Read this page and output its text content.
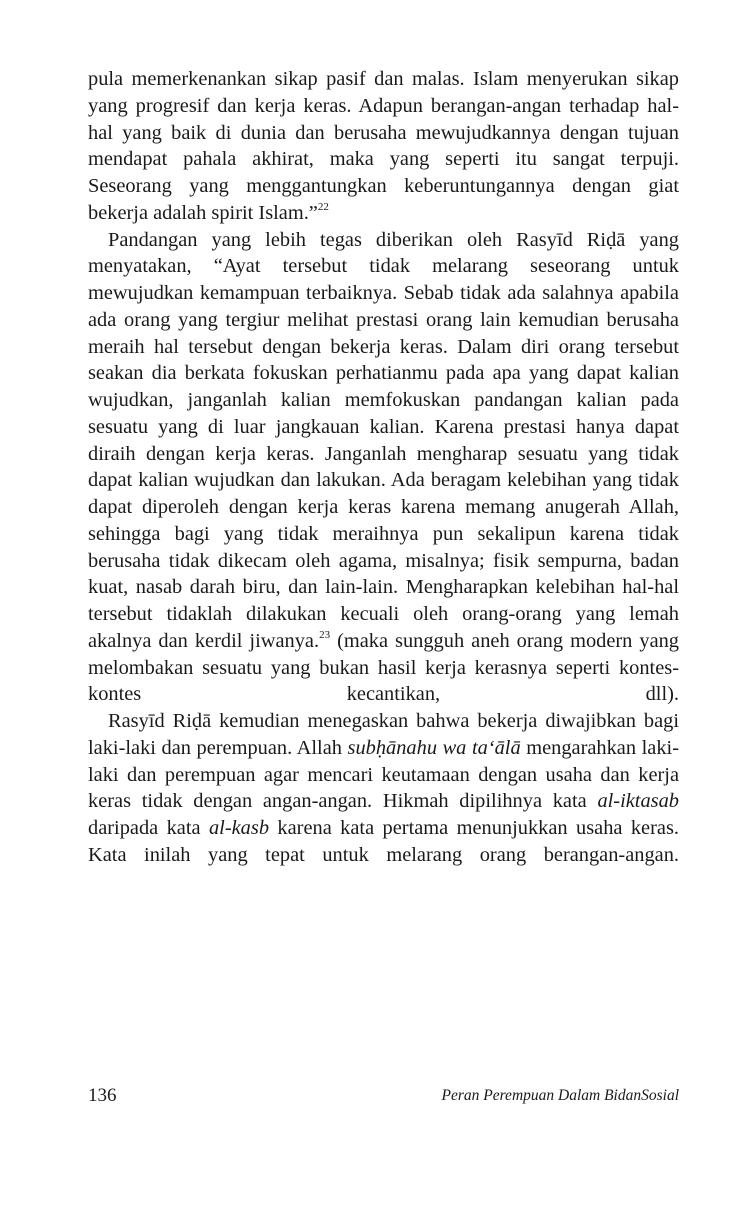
pula memerkenankan sikap pasif dan malas. Islam menyerukan sikap yang progresif dan kerja keras. Adapun berangan-angan terhadap hal-hal yang baik di dunia dan berusaha mewujudkannya dengan tujuan mendapat pahala akhirat, maka yang seperti itu sangat terpuji. Seseorang yang menggantungkan keberuntungannya dengan giat bekerja adalah spirit Islam.”$^{22}$

Pandangan yang lebih tegas diberikan oleh Rasyīd Riḍā yang menyatakan, “Ayat tersebut tidak melarang seseorang untuk mewujudkan kemampuan terbaiknya. Sebab tidak ada salahnya apabila ada orang yang tergiur melihat prestasi orang lain kemudian berusaha meraih hal tersebut dengan bekerja keras. Dalam diri orang tersebut seakan dia berkata fokuskan perhatianmu pada apa yang dapat kalian wujudkan, janganlah kalian memfokuskan pandangan kalian pada sesuatu yang di luar jangkauan kalian. Karena prestasi hanya dapat diraih dengan kerja keras. Janganlah mengharap sesuatu yang tidak dapat kalian wujudkan dan lakukan. Ada beragam kelebihan yang tidak dapat diperoleh dengan kerja keras karena memang anugerah Allah, sehingga bagi yang tidak meraihnya pun sekalipun karena tidak berusaha tidak dikecam oleh agama, misalnya; fisik sempurna, badan kuat, nasab darah biru, dan lain-lain. Mengharapkan kelebihan hal-hal tersebut tidaklah dilakukan kecuali oleh orang-orang yang lemah akalnya dan kerdil jiwanya.$^{23}$ (maka sungguh aneh orang modern yang melombakan sesuatu yang bukan hasil kerja kerasnya seperti kontes-kontes kecantikan, dll).

Rasyīd Riḍā kemudian menegaskan bahwa bekerja diwajibkan bagi laki-laki dan perempuan. Allah subḥānahu wa ta‘ālā mengarahkan laki-laki dan perempuan agar mencari keutamaan dengan usaha dan kerja keras tidak dengan angan-angan. Hikmah dipilihnya kata al-iktasab daripada kata al-kasb karena kata pertama menunjukkan usaha keras. Kata inilah yang tepat untuk melarang orang berangan-angan.

136	Peran Perempuan Dalam BidanSosial
